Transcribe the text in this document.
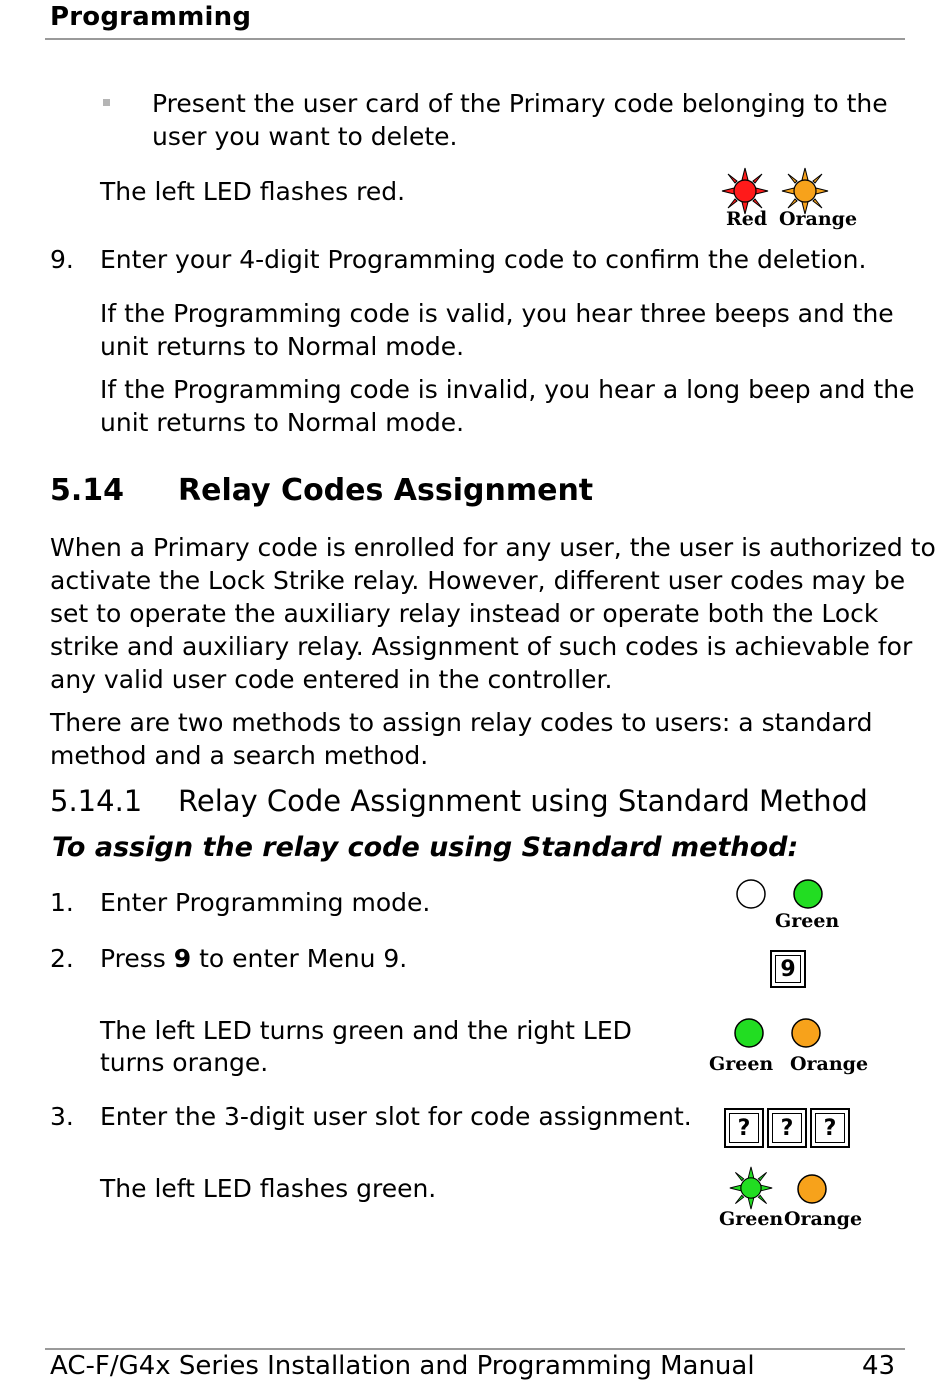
Programming
Present the user card of the Primary code belonging to the
user you want to delete.
The left LED flashes red.
Red Orange
9. Enter your 4-digit Programming code to confirm the deletion.
If the Programming code is valid, you hear three beeps and the
unit returns to Normal mode.
If the Programming code is invalid, you hear a long beep and the
unit returns to Normal mode.
5.14 Relay Codes Assignment
When a Primary code is enrolled for any user, the user is authorized to
activate the Lock Strike relay. However, different user codes may be
set to operate the auxiliary relay instead or operate both the Lock
strike and auxiliary relay. Assignment of such codes is achievable for
any valid user code entered in the controller.
There are two methods to assign relay codes to users: a standard
method and a search method.
5.14.1 Relay Code Assignment using Standard Method
To assign the relay code using Standard method:
1. Enter Programming mode.
Green
2. Press 9 to enter Menu 9.	9
The left LED turns green and the right LED
turns orange.	Green Orange
3. Enter the 3-digit user slot for code assignment.	?	?	?
The left LED flashes green.
Green Orange
AC-F/G4x Series Installation and Programming Manual	43
